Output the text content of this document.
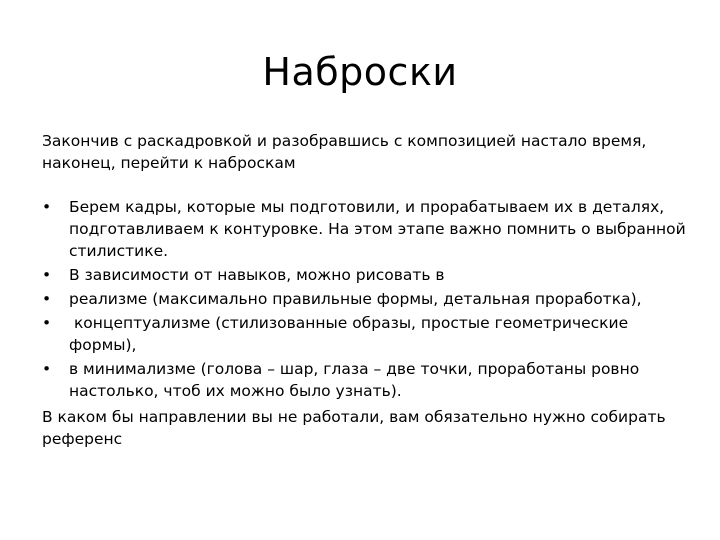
Наброски

Закончив с раскадровкой и разобравшись с композицией настало время, наконец, перейти к наброскам

•	Берем кадры, которые мы подготовили, и прорабатываем их в деталях, подготавливаем к контуровке. На этом этапе важно помнить о выбранной стилистике.
•	В зависимости от навыков, можно рисовать в
•	реализме (максимально правильные формы, детальная проработка),
•	концептуализме (стилизованные образы, простые геометрические формы),
•	в минимализме (голова – шар, глаза – две точки, проработаны ровно настолько, чтоб их можно было узнать).

В каком бы направлении вы не работали, вам обязательно нужно собирать референс
